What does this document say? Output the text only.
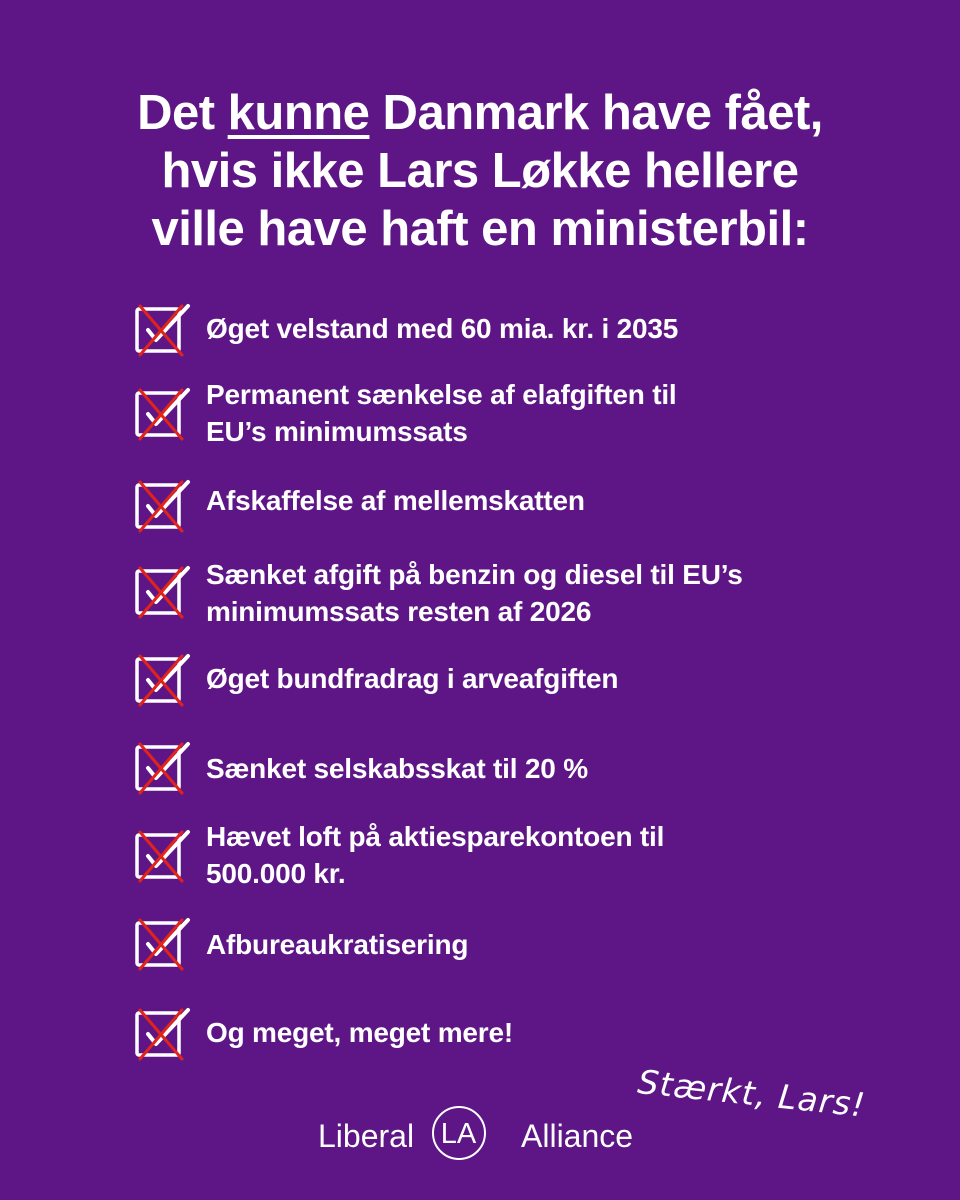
Det kunne Danmark have fået,
hvis ikke Lars Løkke hellere
ville have haft en ministerbil:
Øget velstand med 60 mia. kr. i 2035
Permanent sænkelse af elafgiften til
EU’s minimumssats
Afskaffelse af mellemskatten
Sænket afgift på benzin og diesel til EU’s
minimumssats resten af 2026
Øget bundfradrag i arveafgiften
Sænket selskabsskat til 20 %
Hævet loft på aktiesparekontoen til
500.000 kr.
Afbureaukratisering
Og meget, meget mere!
Stærkt, Lars!
Liberal LA Alliance
